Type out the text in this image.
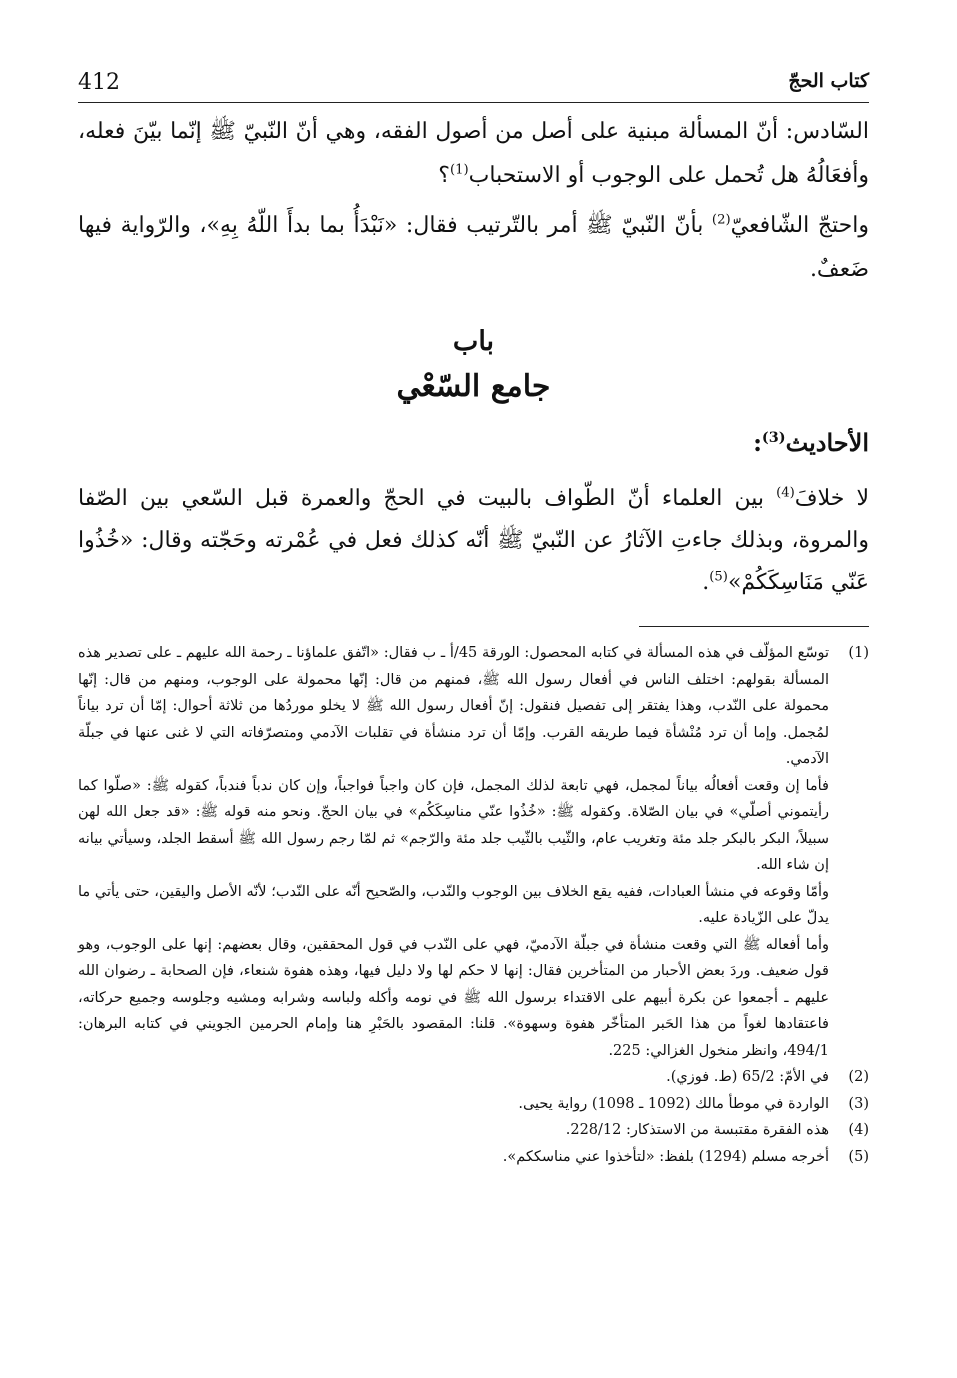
412	كتاب الحجّ

السّادس: أنّ المسألة مبنية على أصل من أصول الفقه، وهي أنّ النّبيّ ﷺ إنّما بيّنَ فعله، وأفعَالُهُ هل تُحمل على الوجوب أو الاستحباب$^{(1)}$؟

واحتجّ الشّافعيّ$^{(2)}$ بأنّ النّبيّ ﷺ أمر بالتّرتيب فقال: «نَبْدَأُ بما بدأَ اللّهُ بِهِ»، والرّواية فيها ضَعفٌ.

باب
جامع السّعْي
الأحاديث$^{(3)}$:

لا خلافَ$^{(4)}$ بين العلماء أنّ الطّواف بالبيت في الحجّ والعمرة قبل السّعي بين الصّفا والمروة، وبذلك جاءتِ الآثارُ عن النّبيّ ﷺ أنّه كذلك فعل في عُمْرته وحَجّته وقال: «خُذُوا عَنّي مَنَاسِكَكُمْ»$^{(5)}$.

(1)

توسّع المؤلّف في هذه المسألة في كتابه المحصول: الورقة 45/أ ـ ب فقال: «اتّفق علماؤنا ـ رحمة الله عليهم ـ على تصدير هذه المسألة بقولهم: اختلف الناس في أفعال رسول الله ﷺ، فمنهم من قال: إنّها محمولة على الوجوب، ومنهم من قال: إنّها محمولة على النّدب، وهذا يفتقر إلى تفصيل فنقول: إنّ أفعال رسول الله ﷺ لا يخلو موردُها من ثلاثة أحوال: إمّا أن ترد بياناً لمُجمل. وإما أن ترد مُنْشأة فيما طريقه القرب. وإمّا أن ترد منشأة في تقلبات الآدمي ومتصرّفاته التي لا غنى عنها في جبلّة الآدمي.

فأما إن وقعت أفعالُه بياناً لمجمل، فهي تابعة لذلك المجمل، فإن كان واجباً فواجباً، وإن كان ندباً فندباً، كقوله ﷺ: «صلّوا كما رأيتموني أصلّي» في بيان الصّلاة. وكقوله ﷺ: «خُذُوا عنّي مناسِكَكُم» في بيان الحجّ. ونحو منه قوله ﷺ: «قد جعل الله لهن سبيلاً، البكر بالبكر جلد مئة وتغريب عام، والثّيب بالثّيب جلد مئة والرّجم» ثم لمّا رجم رسول الله ﷺ أسقط الجلد، وسيأتي بيانه إن شاء الله.

وأمّا وقوعه في منشأ العبادات، ففيه يقع الخلاف بين الوجوب والنّدب، والصّحيح أنّه على النّدب؛ لأنّه الأصل واليقين، حتى يأتي ما يدلّ على الزّيادة عليه.

وأما أفعاله ﷺ التي وقعت منشأة في جبلّة الآدميّ، فهي على النّدب في قول المحققين، وقال بعضهم: إنها على الوجوب، وهو قول ضعيف. وردَ بعض الأحبار من المتأخرين فقال: إنها لا حكم لها ولا دليل فيها، وهذه هفوة شنعاء، فإن الصحابة ـ رضوان الله عليهم ـ أجمعوا عن بكرة أبيهم على الاقتداء برسول الله ﷺ في نومه وأكله ولباسه وشرابه ومشيه وجلوسه وجميع حركاته، فاعتقادها لغواً من هذا الحَبر المتأخّر هفوة وسهوة». قلنا: المقصود بالحَبْرِ هنا وإمام الحرمين الجويني في كتابه البرهان: 494/1، وانظر منخول الغزالي: 225.

(2)

في الأمّ: 65/2 (ط. فوزي).

(3)

الواردة في موطأ مالك (1092 ـ 1098) رواية يحيى.

(4)

هذه الفقرة مقتبسة من الاستذكار: 228/12.

(5)

أخرجه مسلم (1294) بلفظ: «لتأخذوا عني مناسككم».
